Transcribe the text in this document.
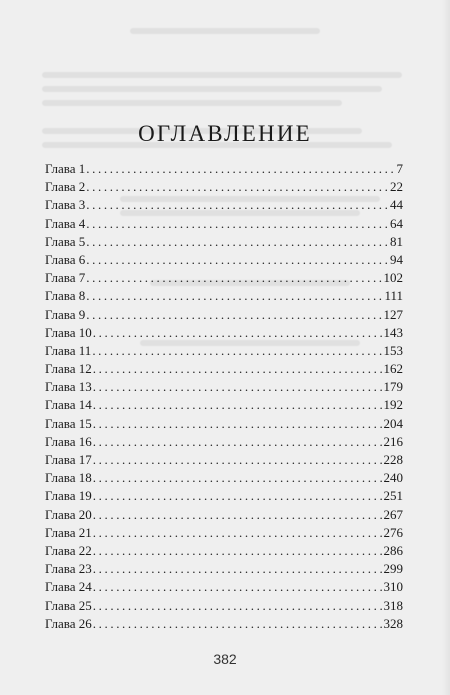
ОГЛАВЛЕНИЕ
Глава 1 .....	7
Глава 2 .....	22
Глава 3 .....	44
Глава 4 .....	64
Глава 5 .....	81
Глава 6 .....	94
Глава 7 .....	102
Глава 8 .....	111
Глава 9 .....	127
Глава 10 .....	143
Глава 11 .....	153
Глава 12 .....	162
Глава 13 .....	179
Глава 14 .....	192
Глава 15 .....	204
Глава 16 .....	216
Глава 17 .....	228
Глава 18 .....	240
Глава 19 .....	251
Глава 20 .....	267
Глава 21 .....	276
Глава 22 .....	286
Глава 23 .....	299
Глава 24 .....	310
Глава 25 .....	318
Глава 26 .....	328
382
